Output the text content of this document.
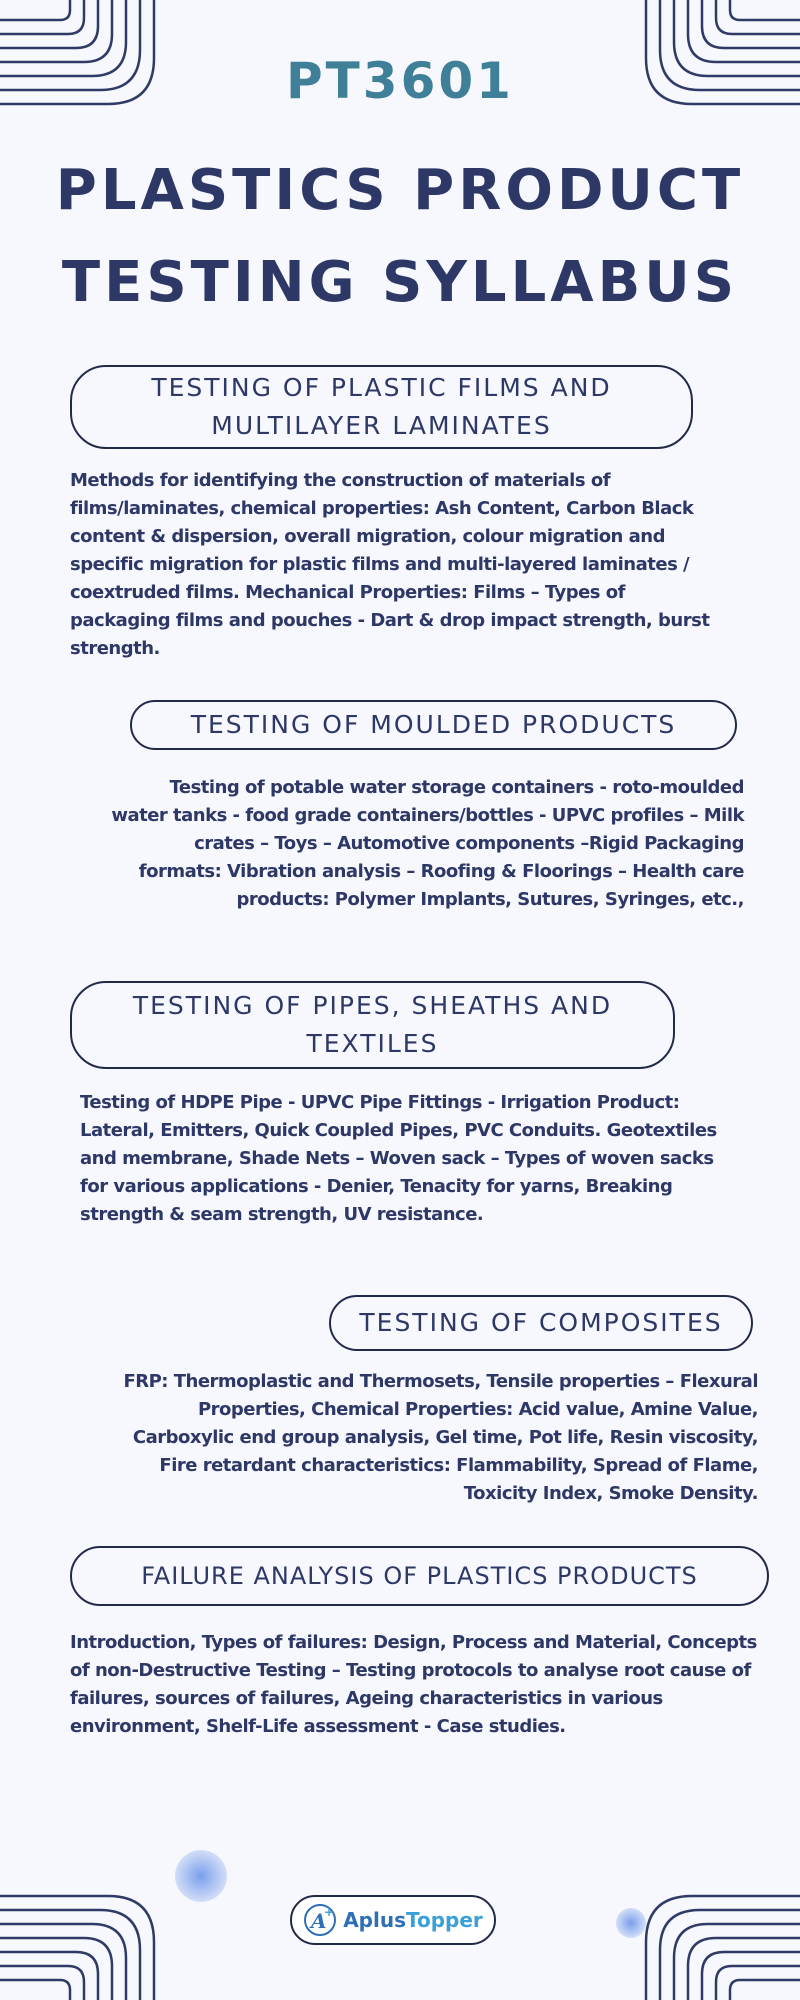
PT3601
PLASTICS PRODUCT
TESTING SYLLABUS
TESTING OF PLASTIC FILMS AND
MULTILAYER LAMINATES
Methods for identifying the construction of materials of films/laminates, chemical properties: Ash Content, Carbon Black content & dispersion, overall migration, colour migration and specific migration for plastic films and multi-layered laminates / coextruded films. Mechanical Properties: Films – Types of packaging films and pouches - Dart & drop impact strength, burst strength.
TESTING OF MOULDED PRODUCTS
Testing of potable water storage containers - roto-moulded water tanks - food grade containers/bottles - UPVC profiles – Milk crates – Toys – Automotive components –Rigid Packaging formats: Vibration analysis – Roofing & Floorings – Health care products: Polymer Implants, Sutures, Syringes, etc.,
TESTING OF PIPES, SHEATHS AND
TEXTILES
Testing of HDPE Pipe - UPVC Pipe Fittings - Irrigation Product: Lateral, Emitters, Quick Coupled Pipes, PVC Conduits. Geotextiles and membrane, Shade Nets – Woven sack – Types of woven sacks for various applications - Denier, Tenacity for yarns, Breaking strength & seam strength, UV resistance.
TESTING OF COMPOSITES
FRP: Thermoplastic and Thermosets, Tensile properties – Flexural Properties, Chemical Properties: Acid value, Amine Value, Carboxylic end group analysis, Gel time, Pot life, Resin viscosity, Fire retardant characteristics: Flammability, Spread of Flame, Toxicity Index, Smoke Density.
FAILURE ANALYSIS OF PLASTICS PRODUCTS
Introduction, Types of failures: Design, Process and Material, Concepts of non-Destructive Testing – Testing protocols to analyse root cause of failures, sources of failures, Ageing characteristics in various environment, Shelf-Life assessment - Case studies.
A
+ Aplus Topper
